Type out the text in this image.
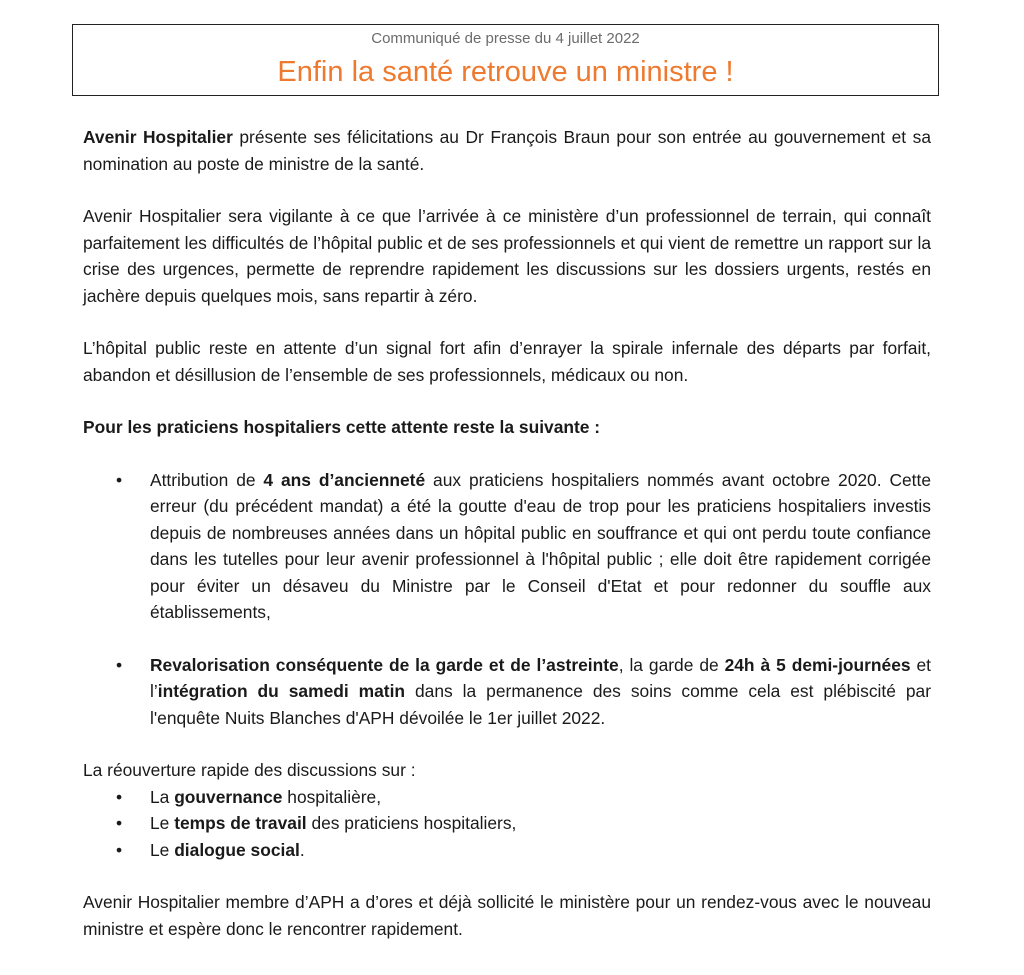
Communiqué de presse du 4 juillet 2022
Enfin la santé retrouve un ministre !

Avenir Hospitalier présente ses félicitations au Dr François Braun pour son entrée au gouvernement et sa nomination au poste de ministre de la santé.

Avenir Hospitalier sera vigilante à ce que l’arrivée à ce ministère d’un professionnel de terrain, qui connaît parfaitement les difficultés de l’hôpital public et de ses professionnels et qui vient de remettre un rapport sur la crise des urgences, permette de reprendre rapidement les discussions sur les dossiers urgents, restés en jachère depuis quelques mois, sans repartir à zéro.

L’hôpital public reste en attente d’un signal fort afin d’enrayer la spirale infernale des départs par forfait, abandon et désillusion de l’ensemble de ses professionnels, médicaux ou non.

Pour les praticiens hospitaliers cette attente reste la suivante :

• Attribution de 4 ans d’ancienneté aux praticiens hospitaliers nommés avant octobre 2020. Cette erreur (du précédent mandat) a été la goutte d'eau de trop pour les praticiens hospitaliers investis depuis de nombreuses années dans un hôpital public en souffrance et qui ont perdu toute confiance dans les tutelles pour leur avenir professionnel à l'hôpital public ; elle doit être rapidement corrigée pour éviter un désaveu du Ministre par le Conseil d'Etat et pour redonner du souffle aux établissements,
• Revalorisation conséquente de la garde et de l’astreinte, la garde de 24h à 5 demi-journées et l’intégration du samedi matin dans la permanence des soins comme cela est plébiscité par l'enquête Nuits Blanches d'APH dévoilée le 1er juillet 2022.

La réouverture rapide des discussions sur :

• La gouvernance hospitalière,
• Le temps de travail des praticiens hospitaliers,
• Le dialogue social.

Avenir Hospitalier membre d’APH a d’ores et déjà sollicité le ministère pour un rendez-vous avec le nouveau ministre et espère donc le rencontrer rapidement.
